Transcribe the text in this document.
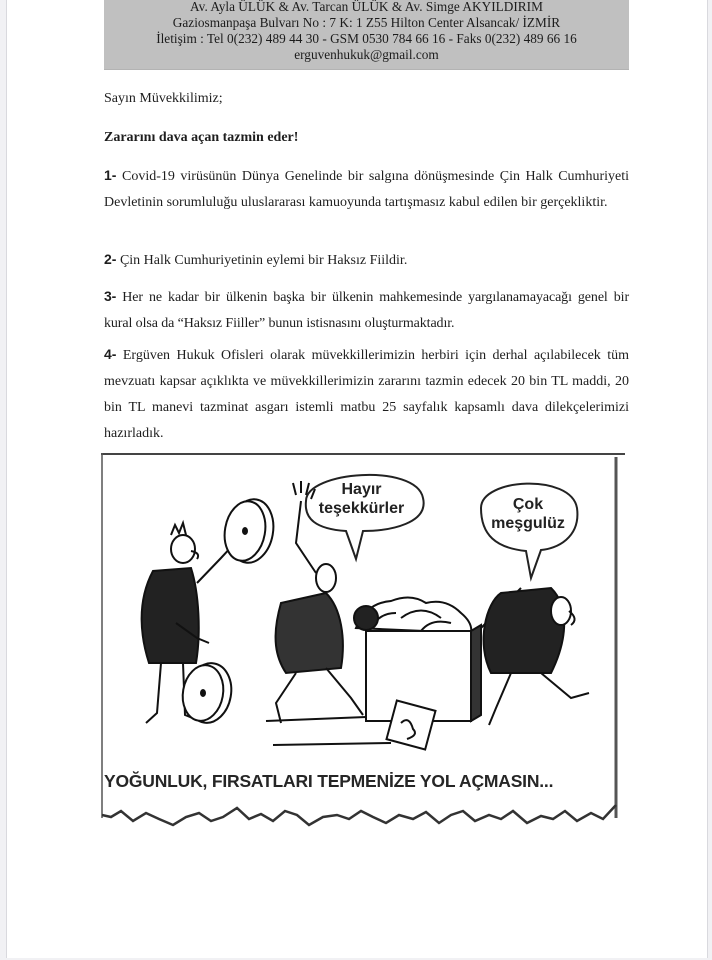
Av. Ayla ÜLÜK & Av. Tarcan ÜLÜK & Av. Simge AKYILDIRIM
Gaziosmanpaşa Bulvarı No : 7 K: 1 Z55 Hilton Center Alsancak/ İZMİR
İletişim : Tel 0(232) 489 44 30 - GSM 0530 784 66 16 - Faks 0(232) 489 66 16
erguvenhukuk@gmail.com
Sayın Müvekkilimiz;
Zararını dava açan tazmin eder!
1- Covid-19 virüsünün Dünya Genelinde bir salgına dönüşmesinde Çin Halk Cumhuriyeti Devletinin sorumluluğu uluslararası kamuoyunda tartışmasız kabul edilen bir gerçekliktir.
2- Çin Halk Cumhuriyetinin eylemi bir Haksız Fiildir.
3- Her ne kadar bir ülkenin başka bir ülkenin mahkemesinde yargılanamayacağı genel bir kural olsa da “Haksız Fiiller” bunun istisnasını oluşturmaktadır.
4- Ergüven Hukuk Ofisleri olarak müvekkillerimizin herbiri için derhal açılabilecek tüm mevzuatı kapsar açıklıkta ve müvekkillerimizin zararını tazmin edecek 20 bin TL maddi, 20 bin TL manevi tazminat asgarı istemli matbu 25 sayfalık kapsamlı dava dilekçelerimizi hazırladık.
Hayır
teşekkürler	Çok
meşgulüz
YOĞUNLUK, FIRSATLARI TEPMENİZE YOL AÇMASIN...
